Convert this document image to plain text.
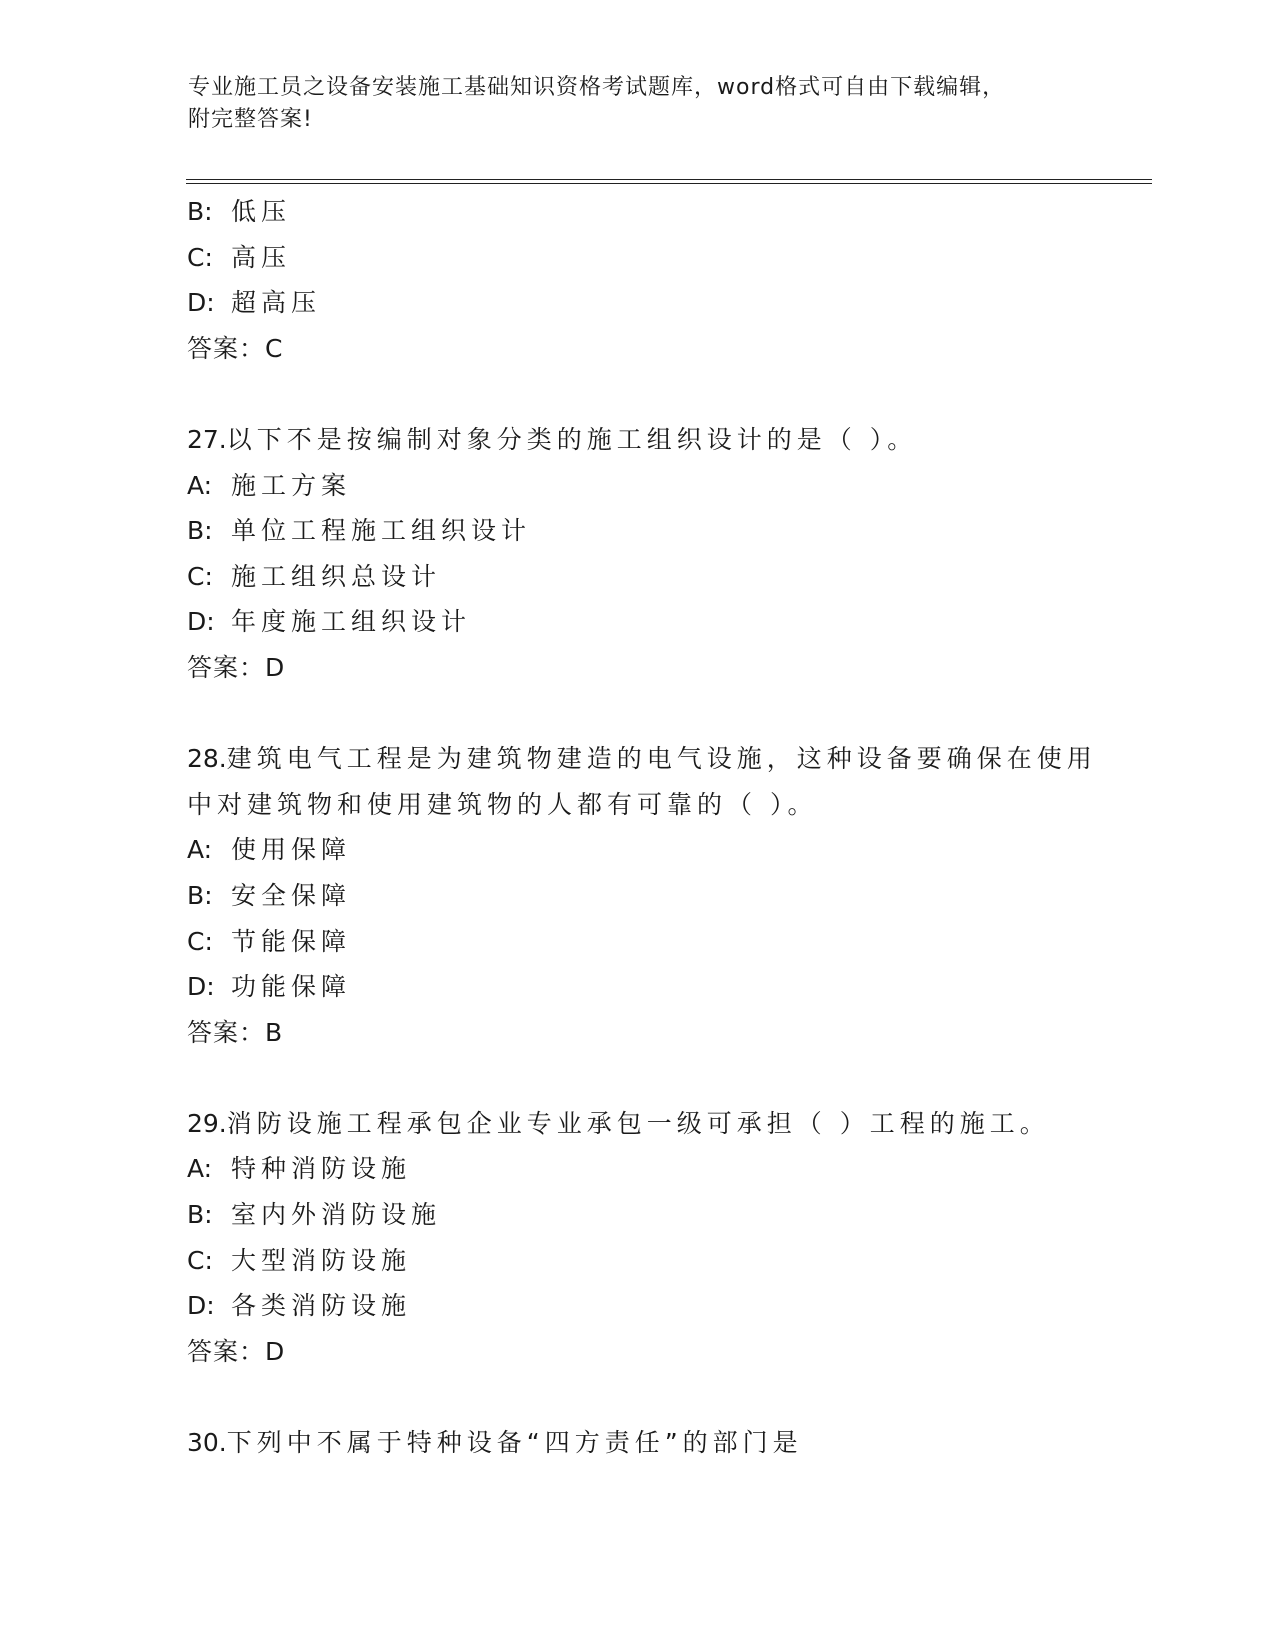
专业施工员之设备安装施工基础知识资格考试题库，word格式可自由下载编辑，
附完整答案!
B: 低压
C: 高压
D: 超高压
答案：C
27.以下不是按编制对象分类的施工组织设计的是（ ）。
A: 施工方案
B: 单位工程施工组织设计
C: 施工组织总设计
D: 年度施工组织设计
答案：D
28.建筑电气工程是为建筑物建造的电气设施，这种设备要确保在使用
中对建筑物和使用建筑物的人都有可靠的（ ）。
A: 使用保障
B: 安全保障
C: 节能保障
D: 功能保障
答案：B
29.消防设施工程承包企业专业承包一级可承担（ ）工程的施工。
A: 特种消防设施
B: 室内外消防设施
C: 大型消防设施
D: 各类消防设施
答案：D
30.下列中不属于特种设备“四方责任”的部门是
